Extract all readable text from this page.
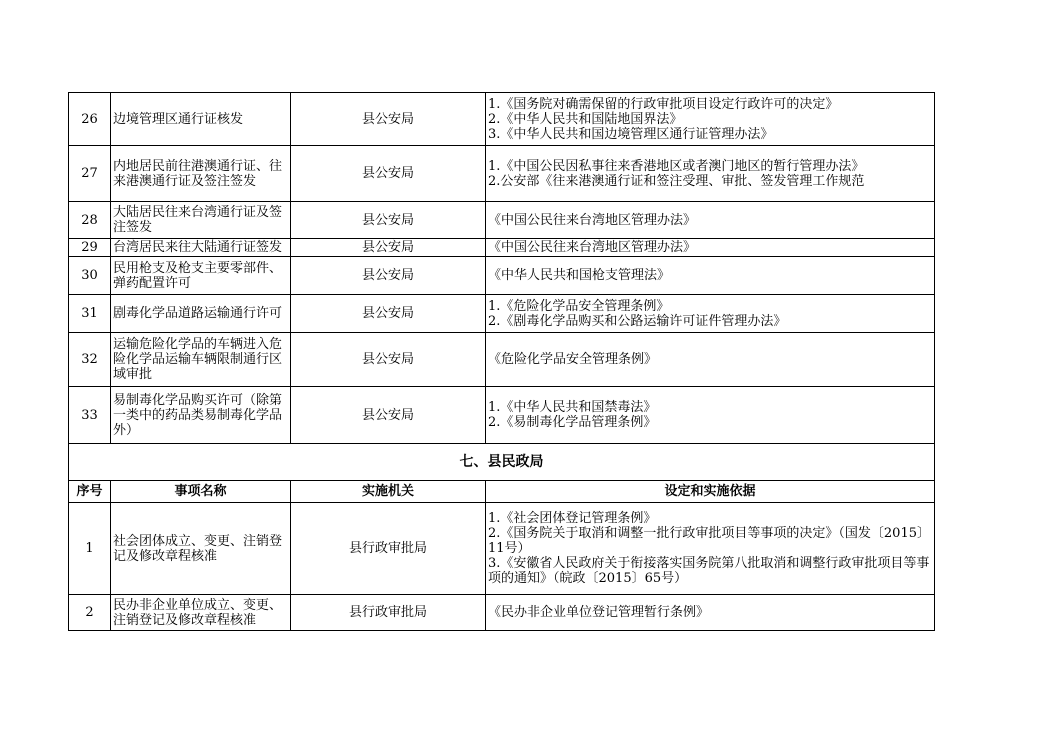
26	边境管理区通行证核发	县公安局	1.《国务院对确需保留的行政审批项目设定行政许可的决定》
2.《中华人民共和国陆地国界法》
3.《中华人民共和国边境管理区通行证管理办法》

27	内地居民前往港澳通行证、往来港澳通行证及签注签发	县公安局	1.《中国公民因私事往来香港地区或者澳门地区的暂行管理办法》
2.公安部《往来港澳通行证和签注受理、审批、签发管理工作规范

28	大陆居民往来台湾通行证及签注签发	县公安局	《中国公民往来台湾地区管理办法》

29	台湾居民来往大陆通行证签发	县公安局	《中国公民往来台湾地区管理办法》

30	民用枪支及枪支主要零部件、弹药配置许可	县公安局	《中华人民共和国枪支管理法》

31	剧毒化学品道路运输通行许可	县公安局	1.《危险化学品安全管理条例》
2.《剧毒化学品购买和公路运输许可证件管理办法》

32	运输危险化学品的车辆进入危险化学品运输车辆限制通行区域审批	县公安局	《危险化学品安全管理条例》

33	易制毒化学品购买许可（除第一类中的药品类易制毒化学品外）	县公安局	1.《中华人民共和国禁毒法》
2.《易制毒化学品管理条例》

七、县民政局			
序号	事项名称	实施机关	设定和实施依据
1	社会团体成立、变更、注销登记及修改章程核准	县行政审批局	1.《社会团体登记管理条例》
2.《国务院关于取消和调整一批行政审批项目等事项的决定》（国发〔2015〕11号）
3.《安徽省人民政府关于衔接落实国务院第八批取消和调整行政审批项目等事项的通知》（皖政〔2015〕65号）

2	民办非企业单位成立、变更、注销登记及修改章程核准	县行政审批局	《民办非企业单位登记管理暂行条例》
